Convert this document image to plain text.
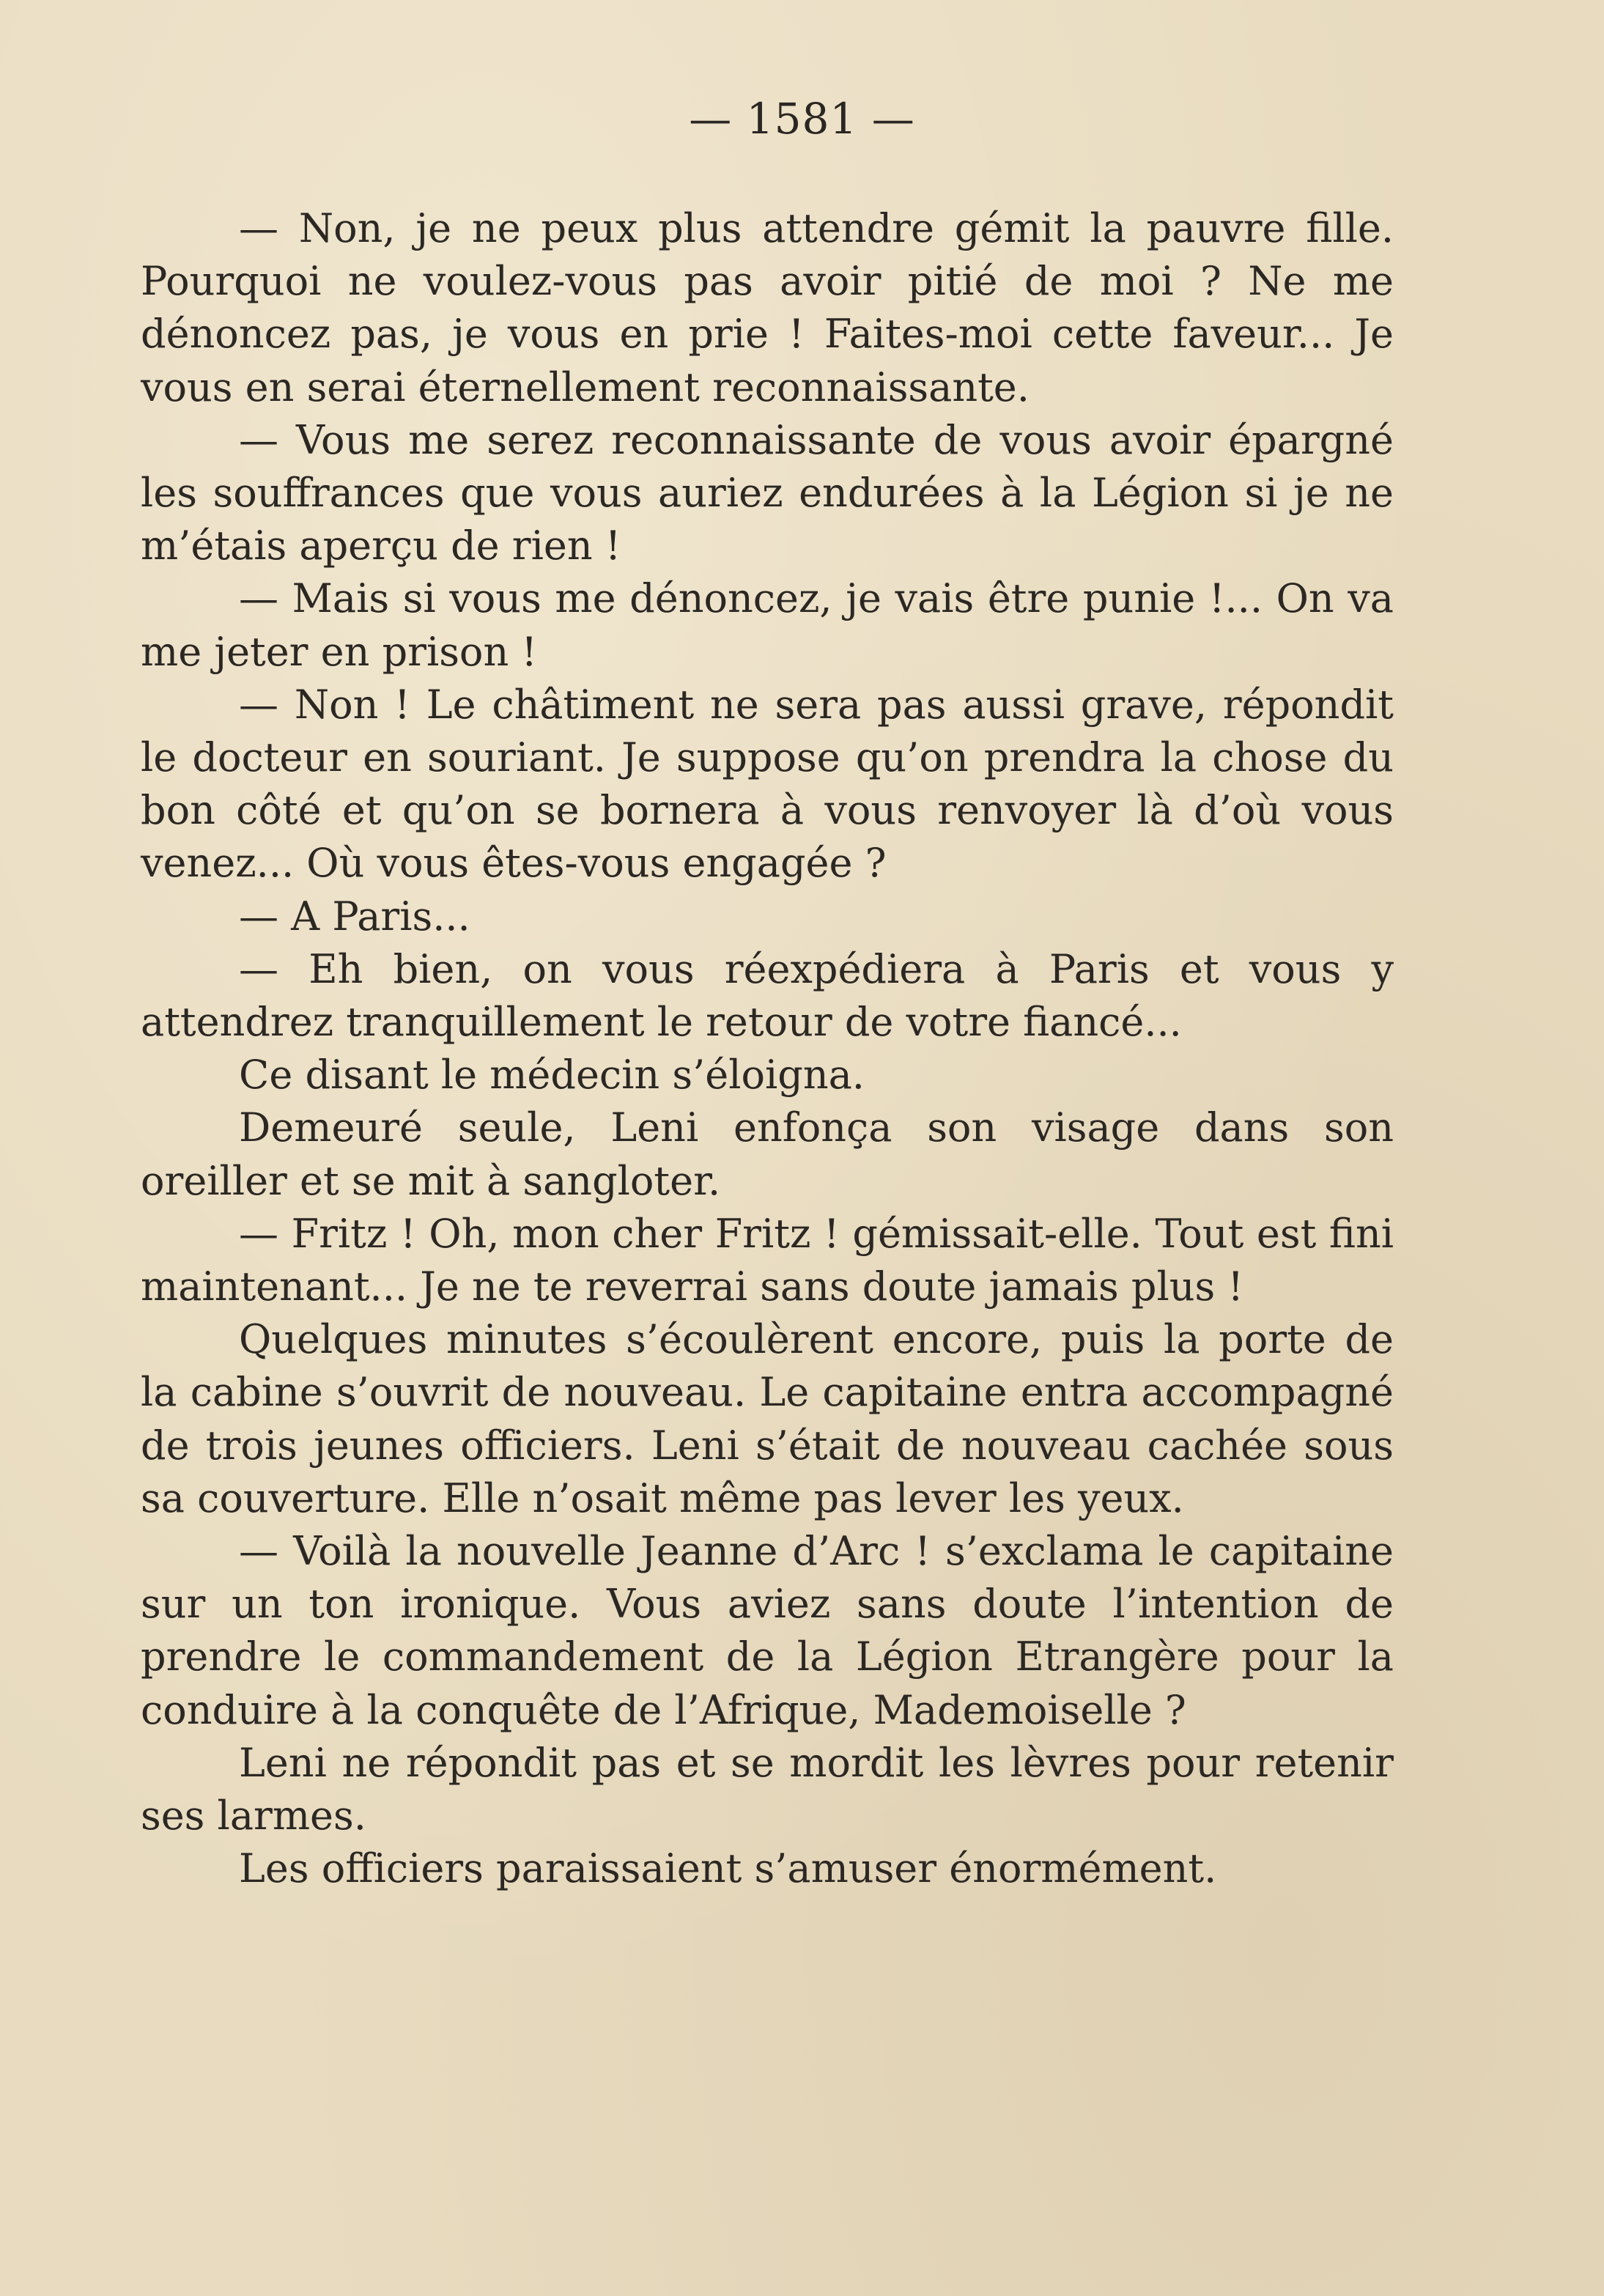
— 1581 —

— Non, je ne peux plus attendre gémit la pauvre fille. Pourquoi ne voulez-vous pas avoir pitié de moi ? Ne me dénoncez pas, je vous en prie ! Faites-moi cette faveur... Je vous en serai éternellement reconnaissante.

— Vous me serez reconnaissante de vous avoir épargné les souffrances que vous auriez endurées à la Légion si je ne m’étais aperçu de rien !

— Mais si vous me dénoncez, je vais être punie !... On va me jeter en prison !

— Non ! Le châtiment ne sera pas aussi grave, répondit le docteur en souriant. Je suppose qu’on prendra la chose du bon côté et qu’on se bornera à vous renvoyer là d’où vous venez... Où vous êtes-vous engagée ?

— A Paris...

— Eh bien, on vous réexpédiera à Paris et vous y attendrez tranquillement le retour de votre fiancé...

Ce disant le médecin s’éloigna.

Demeuré seule, Leni enfonça son visage dans son oreiller et se mit à sangloter.

— Fritz ! Oh, mon cher Fritz ! gémissait-elle. Tout est fini maintenant... Je ne te reverrai sans doute jamais plus !

Quelques minutes s’écoulèrent encore, puis la porte de la cabine s’ouvrit de nouveau. Le capitaine entra accompagné de trois jeunes officiers. Leni s’était de nouveau cachée sous sa couverture. Elle n’osait même pas lever les yeux.

— Voilà la nouvelle Jeanne d’Arc ! s’exclama le capitaine sur un ton ironique. Vous aviez sans doute l’intention de prendre le commandement de la Légion Etrangère pour la conduire à la conquête de l’Afrique, Mademoiselle ?

Leni ne répondit pas et se mordit les lèvres pour retenir ses larmes.

Les officiers paraissaient s’amuser énormément.
